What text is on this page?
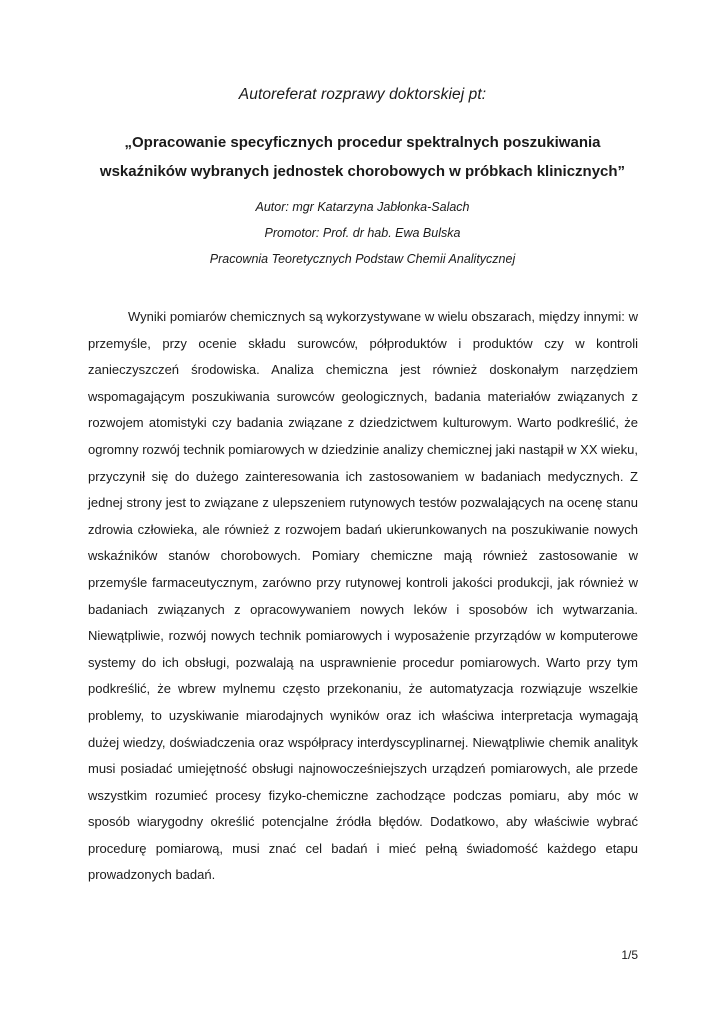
Autoreferat rozprawy doktorskiej pt:
„Opracowanie specyficznych procedur spektralnych poszukiwania
wskaźników wybranych jednostek chorobowych w próbkach klinicznych”
Autor: mgr Katarzyna Jabłonka-Salach
Promotor: Prof. dr hab. Ewa Bulska
Pracownia Teoretycznych Podstaw Chemii Analitycznej

Wyniki pomiarów chemicznych są wykorzystywane w wielu obszarach, między innymi: w przemyśle, przy ocenie składu surowców, półproduktów i produktów czy w kontroli zanieczyszczeń środowiska. Analiza chemiczna jest również doskonałym narzędziem wspomagającym poszukiwania surowców geologicznych, badania materiałów związanych z rozwojem atomistyki czy badania związane z dziedzictwem kulturowym. Warto podkreślić, że ogromny rozwój technik pomiarowych w dziedzinie analizy chemicznej jaki nastąpił w XX wieku, przyczynił się do dużego zainteresowania ich zastosowaniem w badaniach medycznych. Z jednej strony jest to związane z ulepszeniem rutynowych testów pozwalających na ocenę stanu zdrowia człowieka, ale również z rozwojem badań ukierunkowanych na poszukiwanie nowych wskaźników stanów chorobowych. Pomiary chemiczne mają również zastosowanie w przemyśle farmaceutycznym, zarówno przy rutynowej kontroli jakości produkcji, jak również w badaniach związanych z opracowywaniem nowych leków i sposobów ich wytwarzania. Niewątpliwie, rozwój nowych technik pomiarowych i wyposażenie przyrządów w komputerowe systemy do ich obsługi, pozwalają na usprawnienie procedur pomiarowych. Warto przy tym podkreślić, że wbrew mylnemu często przekonaniu, że automatyzacja rozwiązuje wszelkie problemy, to uzyskiwanie miarodajnych wyników oraz ich właściwa interpretacja wymagają dużej wiedzy, doświadczenia oraz współpracy interdyscyplinarnej. Niewątpliwie chemik analityk musi posiadać umiejętność obsługi najnowocześniejszych urządzeń pomiarowych, ale przede wszystkim rozumieć procesy fizyko-chemiczne zachodzące podczas pomiaru, aby móc w sposób wiarygodny określić potencjalne źródła błędów. Dodatkowo, aby właściwie wybrać procedurę pomiarową, musi znać cel badań i mieć pełną świadomość każdego etapu prowadzonych badań.

1/5
